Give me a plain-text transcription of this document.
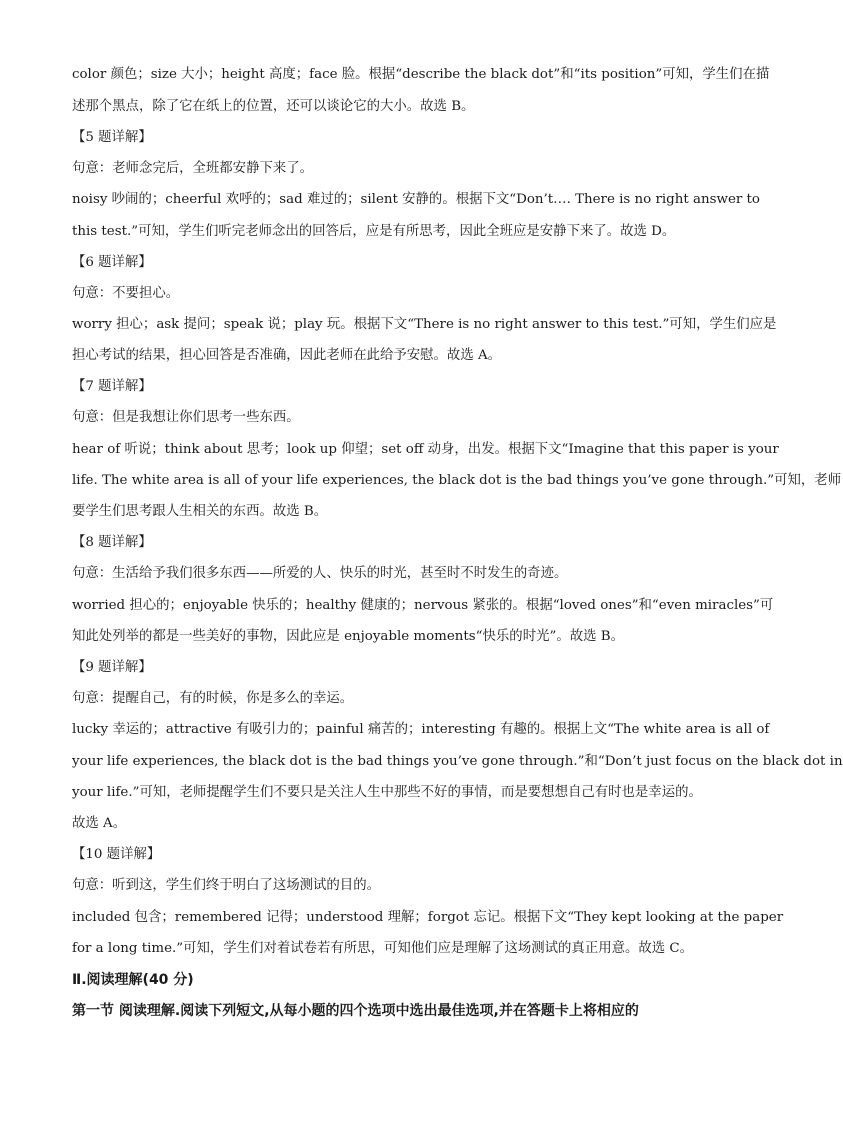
color 颜色；size 大小；height 高度；face 脸。根据“describe the black dot”和“its position”可知，学生们在描
述那个黑点，除了它在纸上的位置，还可以谈论它的大小。故选 B。
【5 题详解】
句意：老师念完后，全班都安静下来了。
noisy 吵闹的；cheerful 欢呼的；sad 难过的；silent 安静的。根据下文“Don’t…. There is no right answer to
this test.”可知，学生们听完老师念出的回答后，应是有所思考，因此全班应是安静下来了。故选 D。
【6 题详解】
句意：不要担心。
worry 担心；ask 提问；speak 说；play 玩。根据下文“There is no right answer to this test.”可知，学生们应是
担心考试的结果，担心回答是否准确，因此老师在此给予安慰。故选 A。
【7 题详解】
句意：但是我想让你们思考一些东西。
hear of 听说；think about 思考；look up 仰望；set off 动身，出发。根据下文“Imagine that this paper is your
life. The white area is all of your life experiences, the black dot is the bad things you’ve gone through.”可知，老师
要学生们思考跟人生相关的东西。故选 B。
【8 题详解】
句意：生活给予我们很多东西——所爱的人、快乐的时光，甚至时不时发生的奇迹。
worried 担心的；enjoyable 快乐的；healthy 健康的；nervous 紧张的。根据“loved ones”和“even miracles”可
知此处列举的都是一些美好的事物，因此应是 enjoyable moments“快乐的时光”。故选 B。
【9 题详解】
句意：提醒自己，有的时候，你是多么的幸运。
lucky 幸运的；attractive 有吸引力的；painful 痛苦的；interesting 有趣的。根据上文“The white area is all of
your life experiences, the black dot is the bad things you’ve gone through.”和“Don’t just focus on the black dot in
your life.”可知，老师提醒学生们不要只是关注人生中那些不好的事情，而是要想想自己有时也是幸运的。
故选 A。
【10 题详解】
句意：听到这，学生们终于明白了这场测试的目的。
included 包含；remembered 记得；understood 理解；forgot 忘记。根据下文“They kept looking at the paper
for a long time.”可知，学生们对着试卷若有所思，可知他们应是理解了这场测试的真正用意。故选 C。
Ⅱ.阅读理解(40 分)
第一节 阅读理解.阅读下列短文,从每小题的四个选项中选出最佳选项,并在答题卡上将相应的
